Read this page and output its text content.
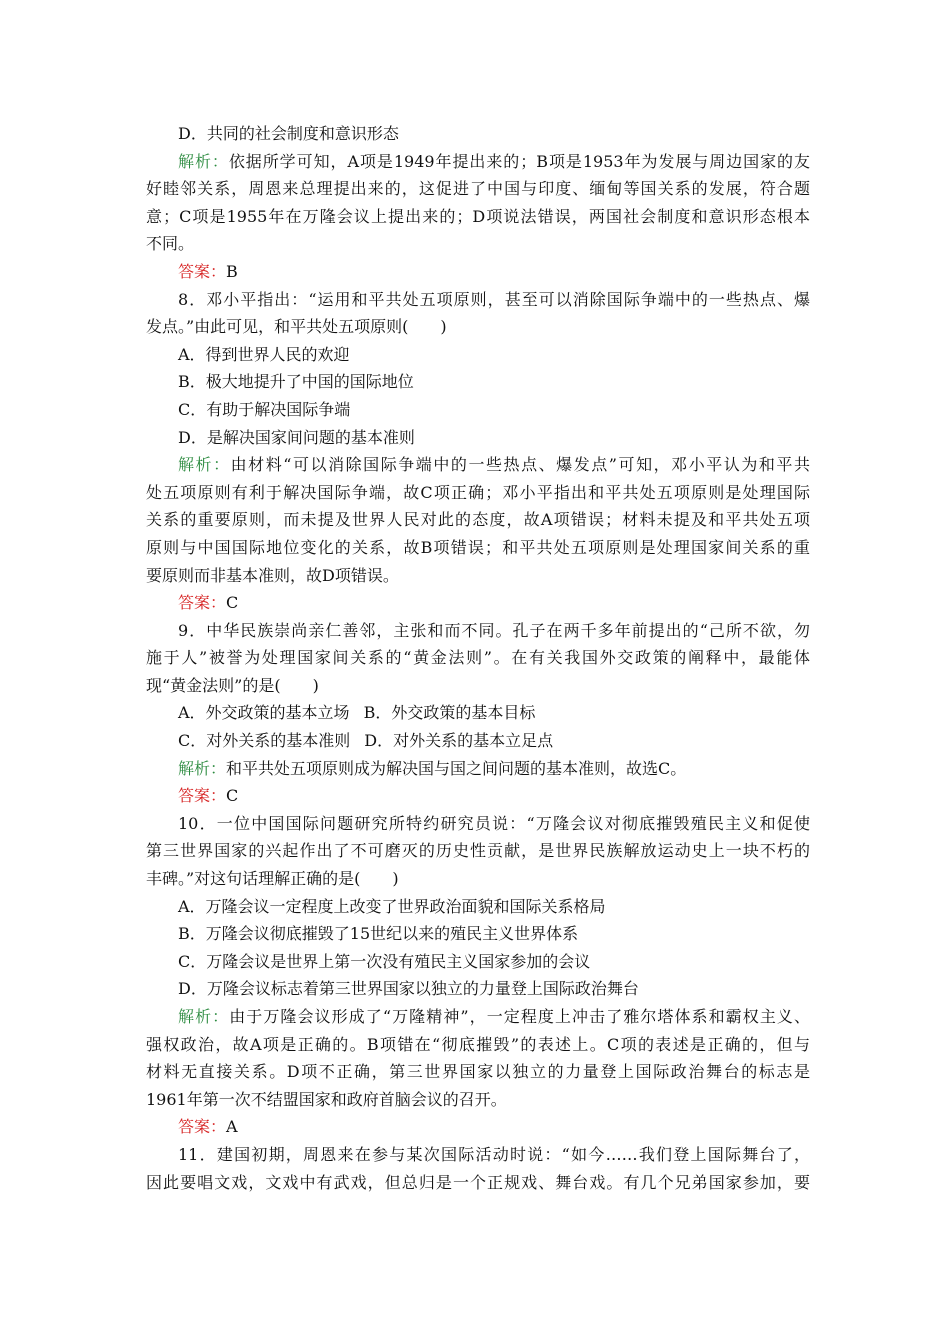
D．共同的社会制度和意识形态
解析：依据所学可知，A项是1949年提出来的；B项是1953年为发展与周边国家的友
好睦邻关系，周恩来总理提出来的，这促进了中国与印度、缅甸等国关系的发展，符合题
意；C项是1955年在万隆会议上提出来的；D项说法错误，两国社会制度和意识形态根本
不同。
答案：B
8．邓小平指出：“运用和平共处五项原则，甚至可以消除国际争端中的一些热点、爆
发点。”由此可见，和平共处五项原则(　　)
A．得到世界人民的欢迎
B．极大地提升了中国的国际地位
C．有助于解决国际争端
D．是解决国家间问题的基本准则
解析：由材料“可以消除国际争端中的一些热点、爆发点”可知，邓小平认为和平共
处五项原则有利于解决国际争端，故C项正确；邓小平指出和平共处五项原则是处理国际
关系的重要原则，而未提及世界人民对此的态度，故A项错误；材料未提及和平共处五项
原则与中国国际地位变化的关系，故B项错误；和平共处五项原则是处理国家间关系的重
要原则而非基本准则，故D项错误。
答案：C
9．中华民族崇尚亲仁善邻，主张和而不同。孔子在两千多年前提出的“己所不欲，勿
施于人”被誉为处理国家间关系的“黄金法则”。在有关我国外交政策的阐释中，最能体
现“黄金法则”的是(　　)
A．外交政策的基本立场 B．外交政策的基本目标
C．对外关系的基本准则 D．对外关系的基本立足点
解析：和平共处五项原则成为解决国与国之间问题的基本准则，故选C。
答案：C
10．一位中国国际问题研究所特约研究员说：“万隆会议对彻底摧毁殖民主义和促使
第三世界国家的兴起作出了不可磨灭的历史性贡献，是世界民族解放运动史上一块不朽的
丰碑。”对这句话理解正确的是(　　)
A．万隆会议一定程度上改变了世界政治面貌和国际关系格局
B．万隆会议彻底摧毁了15世纪以来的殖民主义世界体系
C．万隆会议是世界上第一次没有殖民主义国家参加的会议
D．万隆会议标志着第三世界国家以独立的力量登上国际政治舞台
解析：由于万隆会议形成了“万隆精神”，一定程度上冲击了雅尔塔体系和霸权主义、
强权政治，故A项是正确的。B项错在“彻底摧毁”的表述上。C项的表述是正确的，但与
材料无直接关系。D项不正确，第三世界国家以独立的力量登上国际政治舞台的标志是
1961年第一次不结盟国家和政府首脑会议的召开。
答案：A
11．建国初期，周恩来在参与某次国际活动时说：“如今……我们登上国际舞台了，
因此要唱文戏，文戏中有武戏，但总归是一个正规戏、舞台戏。有几个兄弟国家参加，要
